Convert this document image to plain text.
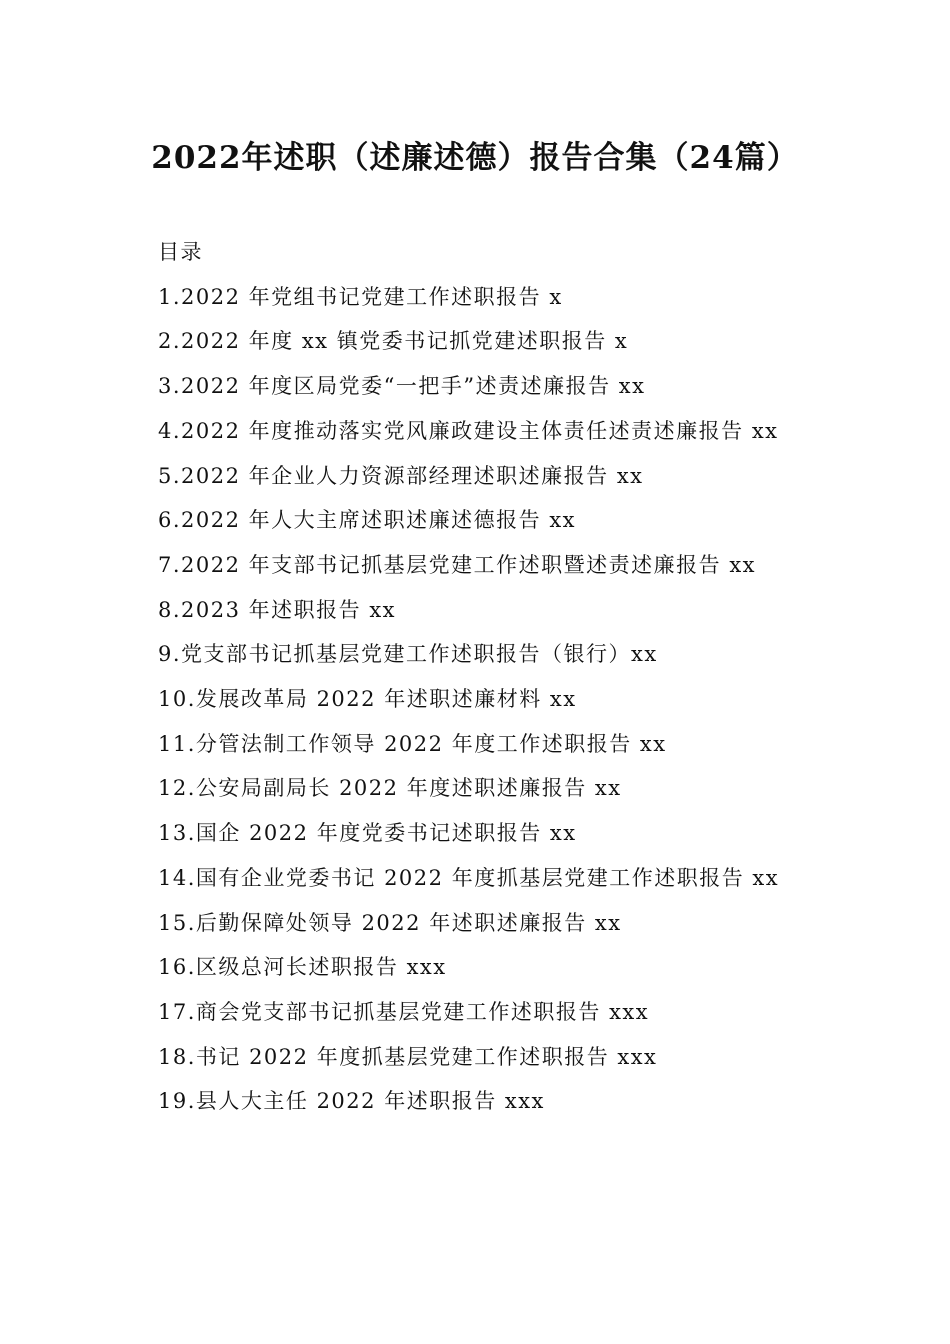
2022年述职（述廉述德）报告合集（24篇）

目录

1.2022 年党组书记党建工作述职报告 x

2.2022 年度 xx 镇党委书记抓党建述职报告 x

3.2022 年度区局党委“一把手”述责述廉报告 xx

4.2022 年度推动落实党风廉政建设主体责任述责述廉报告 xx

5.2022 年企业人力资源部经理述职述廉报告 xx

6.2022 年人大主席述职述廉述德报告 xx

7.2022 年支部书记抓基层党建工作述职暨述责述廉报告 xx

8.2023 年述职报告 xx

9.党支部书记抓基层党建工作述职报告（银行）xx

10.发展改革局 2022 年述职述廉材料 xx

11.分管法制工作领导 2022 年度工作述职报告 xx

12.公安局副局长 2022 年度述职述廉报告 xx

13.国企 2022 年度党委书记述职报告 xx

14.国有企业党委书记 2022 年度抓基层党建工作述职报告 xx

15.后勤保障处领导 2022 年述职述廉报告 xx

16.区级总河长述职报告 xxx

17.商会党支部书记抓基层党建工作述职报告 xxx

18.书记 2022 年度抓基层党建工作述职报告 xxx

19.县人大主任 2022 年述职报告 xxx
